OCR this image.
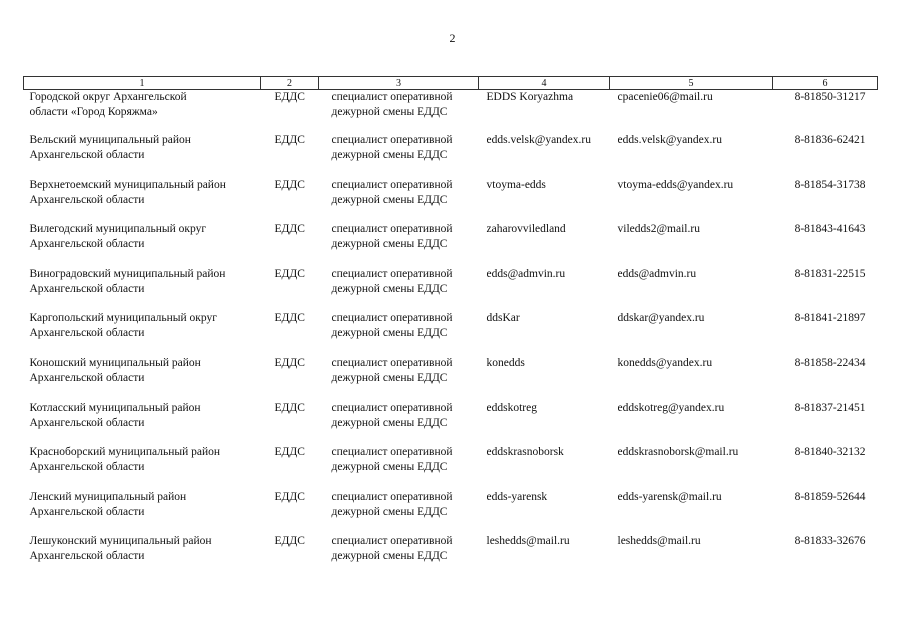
2
1	2	3	4	5	6

Городской округ Архангельской
области «Город Коряжма»	ЕДДС	специалист оперативной
дежурной смены ЕДДС	EDDS Koryazhma	cpacenie06@mail.ru	8-81850-31217

Вельский муниципальный район
Архангельской области	ЕДДС	специалист оперативной
дежурной смены ЕДДС	edds.velsk@yandex.ru	edds.velsk@yandex.ru	8-81836-62421

Верхнетоемский муниципальный район
Архангельской области	ЕДДС	специалист оперативной
дежурной смены ЕДДС	vtoyma-edds	vtoyma-edds@yandex.ru	8-81854-31738

Вилегодский муниципальный округ
Архангельской области	ЕДДС	специалист оперативной
дежурной смены ЕДДС	zaharovviledland	viledds2@mail.ru	8-81843-41643

Виноградовский муниципальный район
Архангельской области	ЕДДС	специалист оперативной
дежурной смены ЕДДС	edds@admvin.ru	edds@admvin.ru	8-81831-22515

Каргопольский муниципальный округ
Архангельской области	ЕДДС	специалист оперативной
дежурной смены ЕДДС	ddsKar	ddskar@yandex.ru	8-81841-21897

Коношский муниципальный район
Архангельской области	ЕДДС	специалист оперативной
дежурной смены ЕДДС	konedds	konedds@yandex.ru	8-81858-22434

Котласский муниципальный район
Архангельской области	ЕДДС	специалист оперативной
дежурной смены ЕДДС	eddskotreg	eddskotreg@yandex.ru	8-81837-21451

Красноборский муниципальный район
Архангельской области	ЕДДС	специалист оперативной
дежурной смены ЕДДС	eddskrasnoborsk	eddskrasnoborsk@mail.ru	8-81840-32132

Ленский муниципальный район
Архангельской области	ЕДДС	специалист оперативной
дежурной смены ЕДДС	edds-yarensk	edds-yarensk@mail.ru	8-81859-52644

Лешуконский муниципальный район
Архангельской области	ЕДДС	специалист оперативной
дежурной смены ЕДДС	leshedds@mail.ru	leshedds@mail.ru	8-81833-32676
